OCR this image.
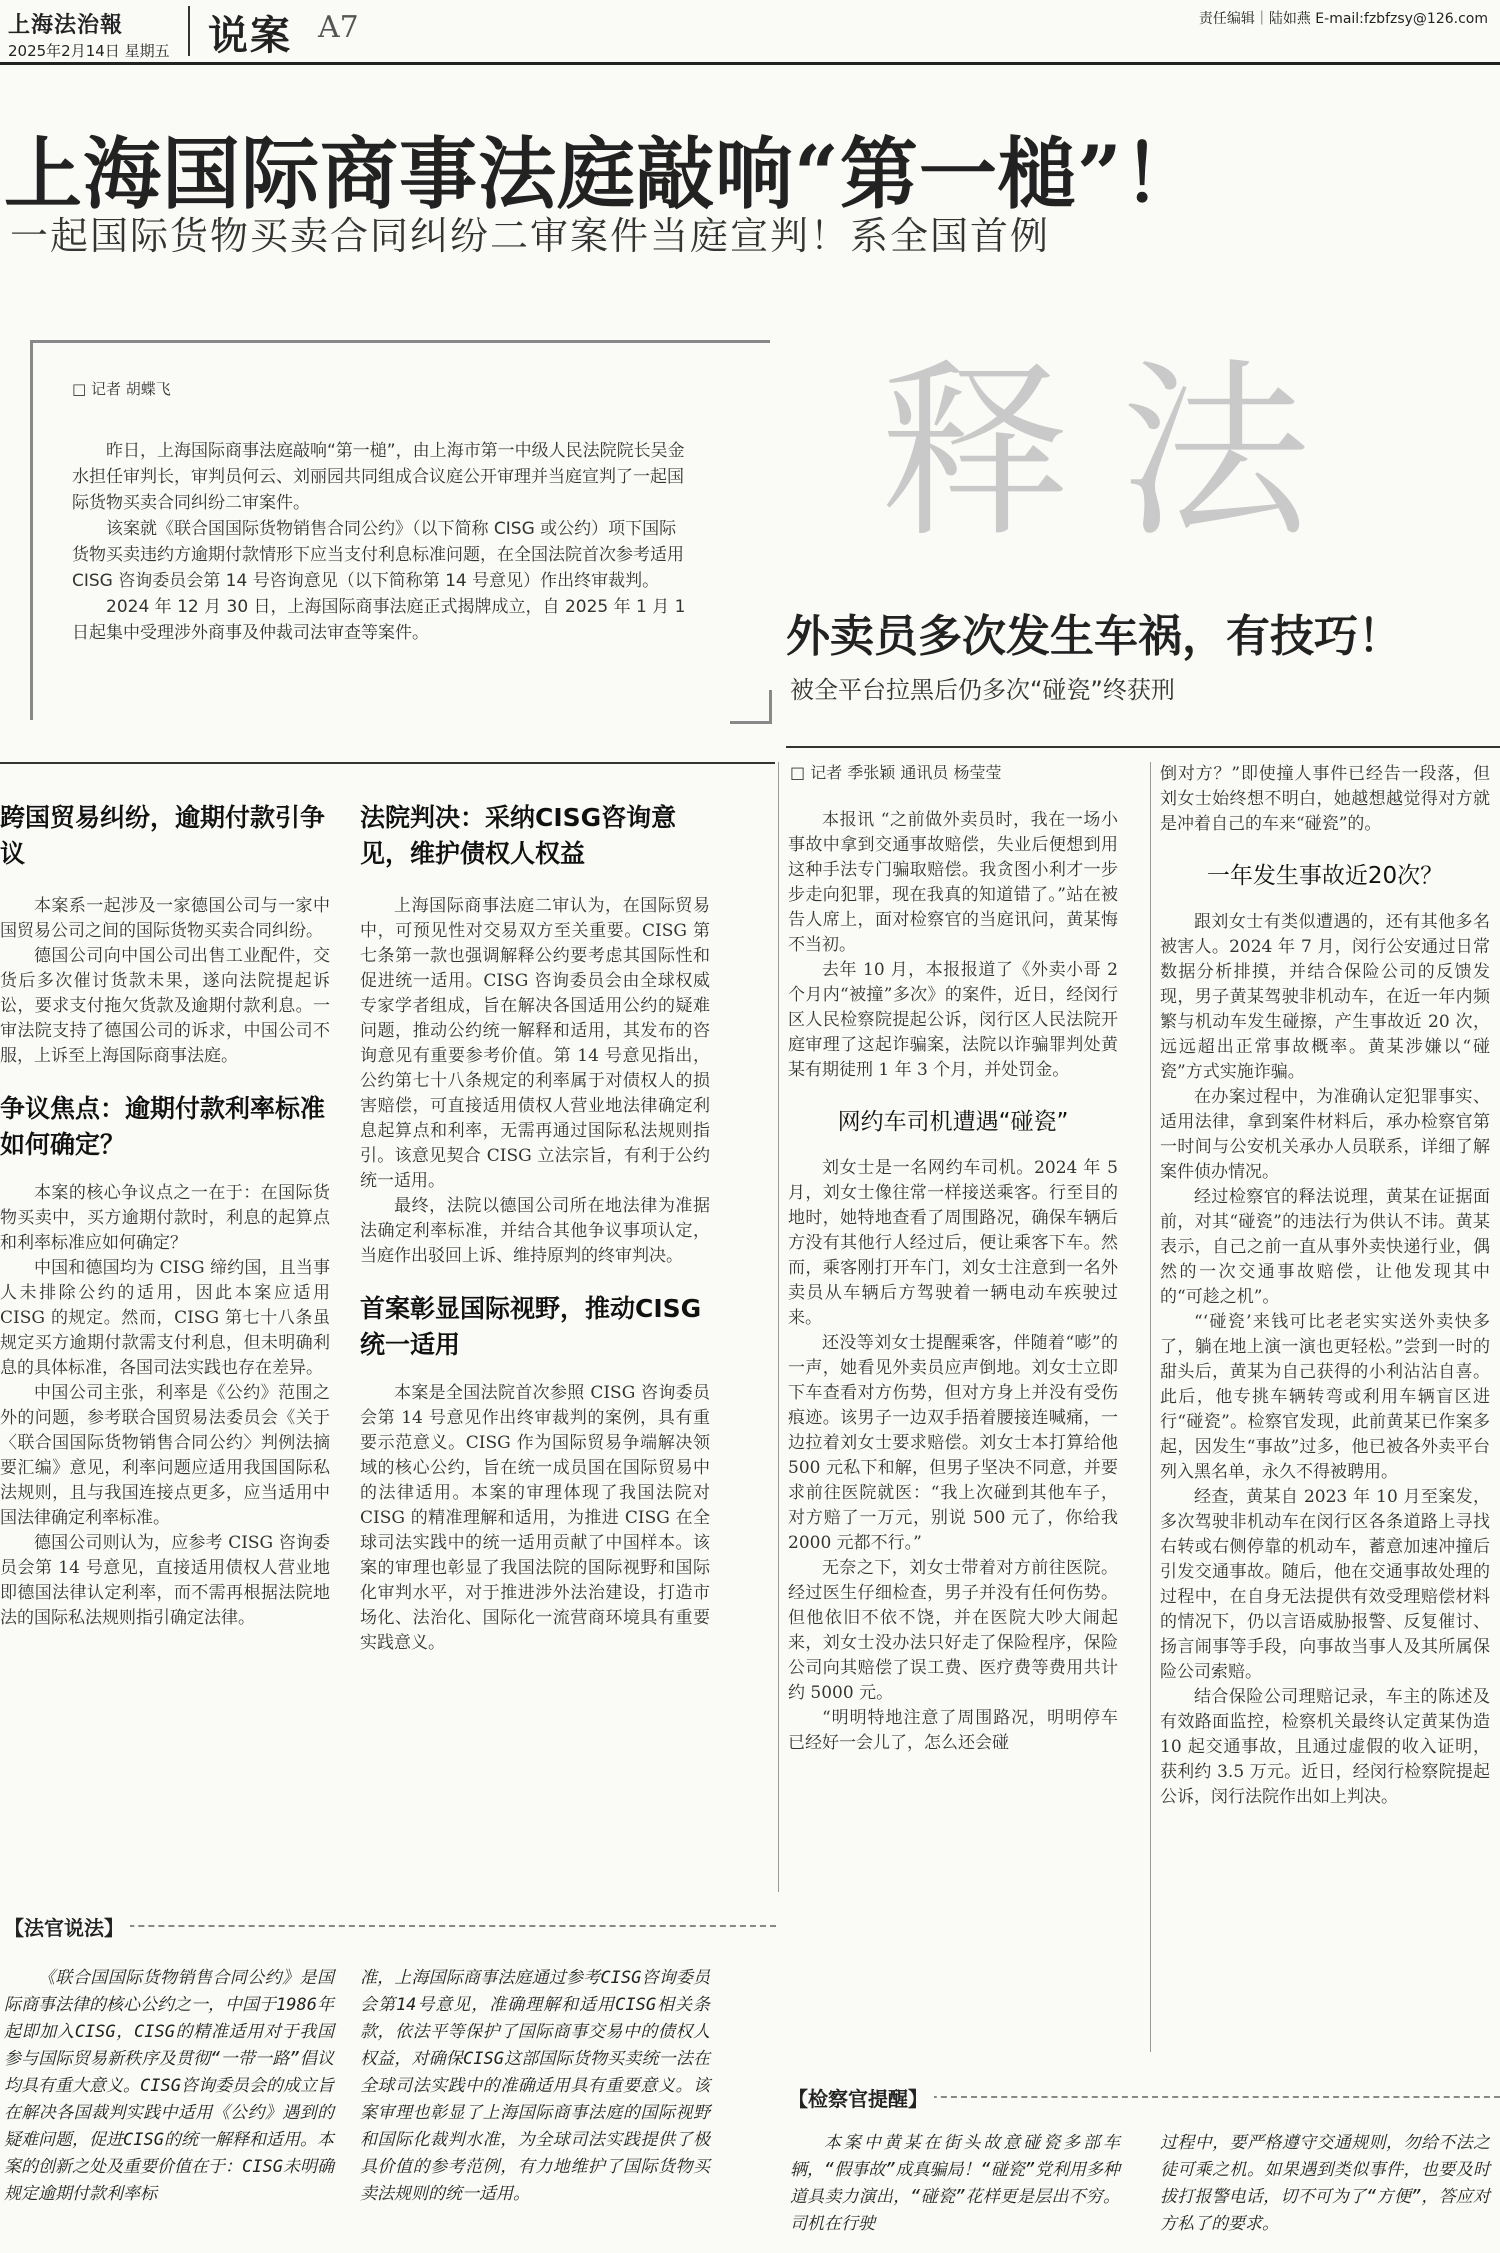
上海法治報
2025年2月14日 星期五 说案 A7	责任编辑｜陆如燕 E-mail:fzbfzsy@126.com
上海国际商事法庭敲响“第一槌”！
一起国际货物买卖合同纠纷二审案件当庭宣判！系全国首例
□ 记者 胡蝶飞

昨日，上海国际商事法庭敲响“第一槌”，由上海市第一中级人民法院院长吴金水担任审判长，审判员何云、刘丽园共同组成合议庭公开审理并当庭宣判了一起国际货物买卖合同纠纷二审案件。

该案就《联合国国际货物销售合同公约》（以下简称 CISG 或公约）项下国际货物买卖违约方逾期付款情形下应当支付利息标准问题，在全国法院首次参考适用 CISG 咨询委员会第 14 号咨询意见（以下简称第 14 号意见）作出终审裁判。

2024 年 12 月 30 日，上海国际商事法庭正式揭牌成立，自 2025 年 1 月 1 日起集中受理涉外商事及仲裁司法审查等案件。

释法
外卖员多次发生车祸，有技巧！
被全平台拉黑后仍多次“碰瓷”终获刑
跨国贸易纠纷，逾期付款引争议

本案系一起涉及一家德国公司与一家中国贸易公司之间的国际货物买卖合同纠纷。

德国公司向中国公司出售工业配件，交货后多次催讨货款未果，遂向法院提起诉讼，要求支付拖欠货款及逾期付款利息。一审法院支持了德国公司的诉求，中国公司不服，上诉至上海国际商事法庭。

争议焦点：逾期付款利率标准如何确定？

本案的核心争议点之一在于：在国际货物买卖中，买方逾期付款时，利息的起算点和利率标准应如何确定？

中国和德国均为 CISG 缔约国，且当事人未排除公约的适用，因此本案应适用 CISG 的规定。然而，CISG 第七十八条虽规定买方逾期付款需支付利息，但未明确利息的具体标准，各国司法实践也存在差异。

中国公司主张，利率是《公约》范围之外的问题，参考联合国贸易法委员会《关于〈联合国国际货物销售合同公约〉判例法摘要汇编》意见，利率问题应适用我国国际私法规则，且与我国连接点更多，应当适用中国法律确定利率标准。

德国公司则认为，应参考 CISG 咨询委员会第 14 号意见，直接适用债权人营业地即德国法律认定利率，而不需再根据法院地法的国际私法规则指引确定法律。

法院判决：采纳CISG咨询意见，维护债权人权益

上海国际商事法庭二审认为，在国际贸易中，可预见性对交易双方至关重要。CISG 第七条第一款也强调解释公约要考虑其国际性和促进统一适用。CISG 咨询委员会由全球权威专家学者组成，旨在解决各国适用公约的疑难问题，推动公约统一解释和适用，其发布的咨询意见有重要参考价值。第 14 号意见指出，公约第七十八条规定的利率属于对债权人的损害赔偿，可直接适用债权人营业地法律确定利息起算点和利率，无需再通过国际私法规则指引。该意见契合 CISG 立法宗旨，有利于公约统一适用。

最终，法院以德国公司所在地法律为准据法确定利率标准，并结合其他争议事项认定，当庭作出驳回上诉、维持原判的终审判决。

首案彰显国际视野，推动CISG统一适用

本案是全国法院首次参照 CISG 咨询委员会第 14 号意见作出终审裁判的案例，具有重要示范意义。CISG 作为国际贸易争端解决领域的核心公约，旨在统一成员国在国际贸易中的法律适用。本案的审理体现了我国法院对 CISG 的精准理解和适用，为推进 CISG 在全球司法实践中的统一适用贡献了中国样本。该案的审理也彰显了我国法院的国际视野和国际化审判水平，对于推进涉外法治建设，打造市场化、法治化、国际化一流营商环境具有重要实践意义。

【法官说法】

《联合国国际货物销售合同公约》是国际商事法律的核心公约之一，中国于1986年起即加入CISG，CISG的精准适用对于我国参与国际贸易新秩序及贯彻“一带一路”倡议均具有重大意义。CISG咨询委员会的成立旨在解决各国裁判实践中适用《公约》遇到的疑难问题，促进CISG的统一解释和适用。本案的创新之处及重要价值在于：CISG未明确规定逾期付款利率标

准，上海国际商事法庭通过参考CISG咨询委员会第14号意见，准确理解和适用CISG相关条款，依法平等保护了国际商事交易中的债权人权益，对确保CISG这部国际货物买卖统一法在全球司法实践中的准确适用具有重要意义。该案审理也彰显了上海国际商事法庭的国际视野和国际化裁判水准，为全球司法实践提供了极具价值的参考范例，有力地维护了国际货物买卖法规则的统一适用。

□ 记者 季张颖 通讯员 杨莹莹

本报讯 “之前做外卖员时，我在一场小事故中拿到交通事故赔偿，失业后便想到用这种手法专门骗取赔偿。我贪图小利才一步步走向犯罪，现在我真的知道错了。”站在被告人席上，面对检察官的当庭讯问，黄某悔不当初。

去年 10 月，本报报道了《外卖小哥 2 个月内“被撞”多次》的案件，近日，经闵行区人民检察院提起公诉，闵行区人民法院开庭审理了这起诈骗案，法院以诈骗罪判处黄某有期徒刑 1 年 3 个月，并处罚金。

网约车司机遭遇“碰瓷”

刘女士是一名网约车司机。2024 年 5 月，刘女士像往常一样接送乘客。行至目的地时，她特地查看了周围路况，确保车辆后方没有其他行人经过后，便让乘客下车。然而，乘客刚打开车门，刘女士注意到一名外卖员从车辆后方驾驶着一辆电动车疾驶过来。

还没等刘女士提醒乘客，伴随着“嘭”的一声，她看见外卖员应声倒地。刘女士立即下车查看对方伤势，但对方身上并没有受伤痕迹。该男子一边双手捂着腰接连喊痛，一边拉着刘女士要求赔偿。刘女士本打算给他 500 元私下和解，但男子坚决不同意，并要求前往医院就医：“我上次碰到其他车子，对方赔了一万元，别说 500 元了，你给我 2000 元都不行。”

无奈之下，刘女士带着对方前往医院。经过医生仔细检查，男子并没有任何伤势。但他依旧不依不饶，并在医院大吵大闹起来，刘女士没办法只好走了保险程序，保险公司向其赔偿了误工费、医疗费等费用共计约 5000 元。

“明明特地注意了周围路况，明明停车已经好一会儿了，怎么还会碰

倒对方？”即使撞人事件已经告一段落，但刘女士始终想不明白，她越想越觉得对方就是冲着自己的车来“碰瓷”的。

一年发生事故近20次？

跟刘女士有类似遭遇的，还有其他多名被害人。2024 年 7 月，闵行公安通过日常数据分析排摸，并结合保险公司的反馈发现，男子黄某驾驶非机动车，在近一年内频繁与机动车发生碰擦，产生事故近 20 次，远远超出正常事故概率。黄某涉嫌以“碰瓷”方式实施诈骗。

在办案过程中，为准确认定犯罪事实、适用法律，拿到案件材料后，承办检察官第一时间与公安机关承办人员联系，详细了解案件侦办情况。

经过检察官的释法说理，黄某在证据面前，对其“碰瓷”的违法行为供认不讳。黄某表示，自己之前一直从事外卖快递行业，偶然的一次交通事故赔偿，让他发现其中的“可趁之机”。

“‘碰瓷’来钱可比老老实实送外卖快多了，躺在地上演一演也更轻松。”尝到一时的甜头后，黄某为自己获得的小利沾沾自喜。此后，他专挑车辆转弯或利用车辆盲区进行“碰瓷”。检察官发现，此前黄某已作案多起，因发生“事故”过多，他已被各外卖平台列入黑名单，永久不得被聘用。

经查，黄某自 2023 年 10 月至案发，多次驾驶非机动车在闵行区各条道路上寻找右转或右侧停靠的机动车，蓄意加速冲撞后引发交通事故。随后，他在交通事故处理的过程中，在自身无法提供有效受理赔偿材料的情况下，仍以言语威胁报警、反复催讨、扬言闹事等手段，向事故当事人及其所属保险公司索赔。

结合保险公司理赔记录，车主的陈述及有效路面监控，检察机关最终认定黄某伪造 10 起交通事故，且通过虚假的收入证明，获利约 3.5 万元。近日，经闵行检察院提起公诉，闵行法院作出如上判决。

【检察官提醒】

本案中黄某在街头故意碰瓷多部车辆，“假事故”成真骗局！“碰瓷”党利用多种道具卖力演出，“碰瓷”花样更是层出不穷。司机在行驶

过程中，要严格遵守交通规则，勿给不法之徒可乘之机。如果遇到类似事件，也要及时拔打报警电话，切不可为了“方便”，答应对方私了的要求。
